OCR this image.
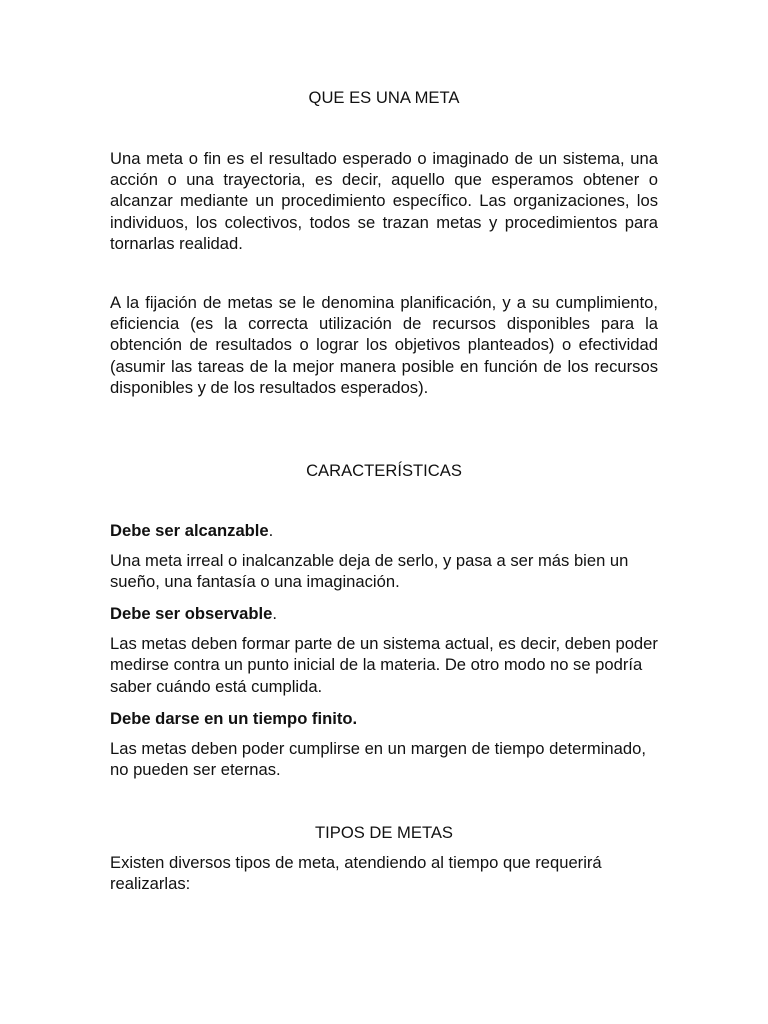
QUE ES UNA META

Una meta o fin es el resultado esperado o imaginado de un sistema, una acción o una trayectoria, es decir, aquello que esperamos obtener o alcanzar mediante un procedimiento específico. Las organizaciones, los individuos, los colectivos, todos se trazan metas y procedimientos para tornarlas realidad.

A la fijación de metas se le denomina planificación, y a su cumplimiento, eficiencia (es la correcta utilización de recursos disponibles para la obtención de resultados o lograr los objetivos planteados) o efectividad (asumir las tareas de la mejor manera posible en función de los recursos disponibles y de los resultados esperados).

CARACTERÍSTICAS

Debe ser alcanzable.

Una meta irreal o inalcanzable deja de serlo, y pasa a ser más bien un sueño, una fantasía o una imaginación.

Debe ser observable.

Las metas deben formar parte de un sistema actual, es decir, deben poder medirse contra un punto inicial de la materia. De otro modo no se podría saber cuándo está cumplida.

Debe darse en un tiempo finito.

Las metas deben poder cumplirse en un margen de tiempo determinado, no pueden ser eternas.

TIPOS DE METAS

Existen diversos tipos de meta, atendiendo al tiempo que requerirá realizarlas:
